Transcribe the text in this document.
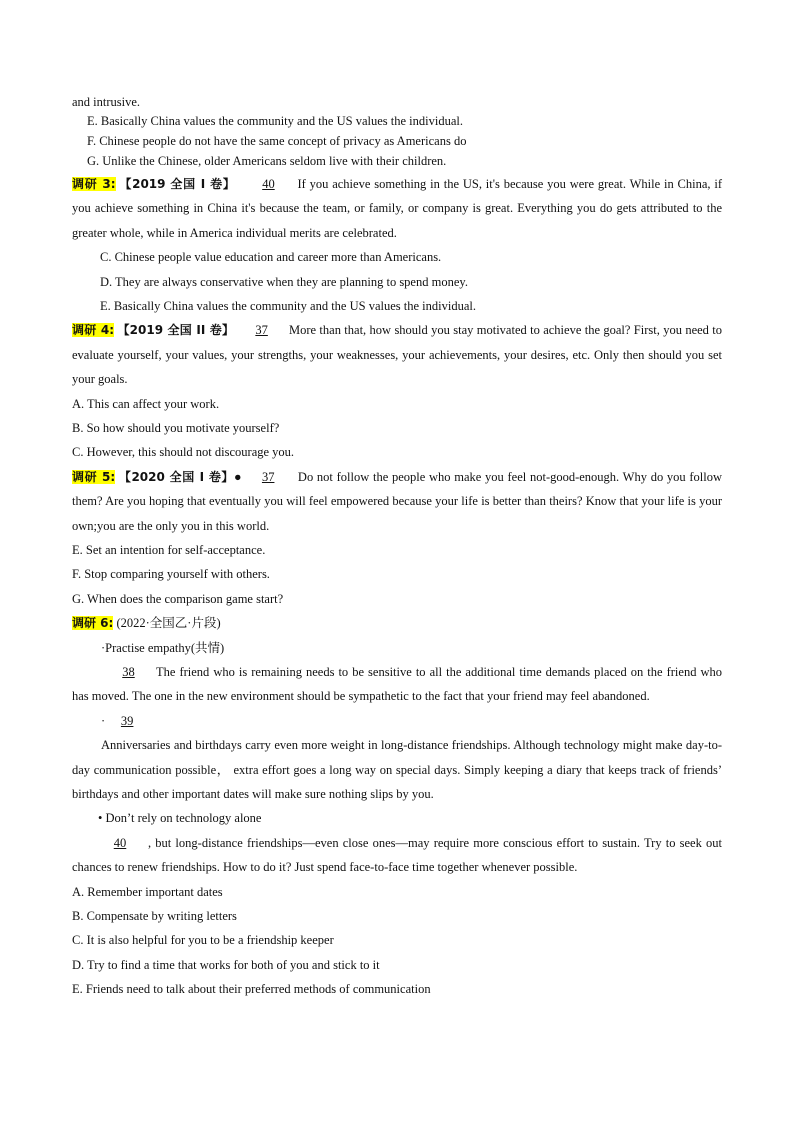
and intrusive.
E. Basically China values the community and the US values the individual.
F. Chinese people do not have the same concept of privacy as Americans do
G. Unlike the Chinese, older Americans seldom live with their children.

调研 3: 【2019 全国 I 卷】 40 If you achieve something in the US, it's because you were great. While in China, if you achieve something in China it's because the team, or family, or company is great. Everything you do gets attributed to the greater whole, while in America individual merits are celebrated.

C. Chinese people value education and career more than Americans.
D. They are always conservative when they are planning to spend money.
E. Basically China values the community and the US values the individual.

调研 4: 【2019 全国 II 卷】 37 More than that, how should you stay motivated to achieve the goal? First, you need to evaluate yourself, your values, your strengths, your weaknesses, your achievements, your desires, etc. Only then should you set your goals.

A. This can affect your work.
B. So how should you motivate yourself?
C. However, this should not discourage you.

调研 5: 【2020 全国 I 卷】● 37 Do not follow the people who make you feel not-good-enough. Why do you follow them? Are you hoping that eventually you will feel empowered because your life is better than theirs? Know that your life is your own;you are the only you in this world.

E. Set an intention for self-acceptance.
F. Stop comparing yourself with others.
G. When does the comparison game start?
调研 6: (2022·全国乙·片段)
·Practise empathy(共情)

38 The friend who is remaining needs to be sensitive to all the additional time demands placed on the friend who has moved. The one in the new environment should be sympathetic to the fact that your friend may feel abandoned.

· 39

Anniversaries and birthdays carry even more weight in long-distance friendships. Although technology might make day-to-day communication possible， extra effort goes a long way on special days. Simply keeping a diary that keeps track of friends’ birthdays and other important dates will make sure nothing slips by you.

• Don’t rely on technology alone

40 , but long-distance friendships—even close ones—may require more conscious effort to sustain. Try to seek out chances to renew friendships. How to do it? Just spend face-to-face time together whenever possible.

A. Remember important dates
B. Compensate by writing letters
C. It is also helpful for you to be a friendship keeper
D. Try to find a time that works for both of you and stick to it
E. Friends need to talk about their preferred methods of communication
